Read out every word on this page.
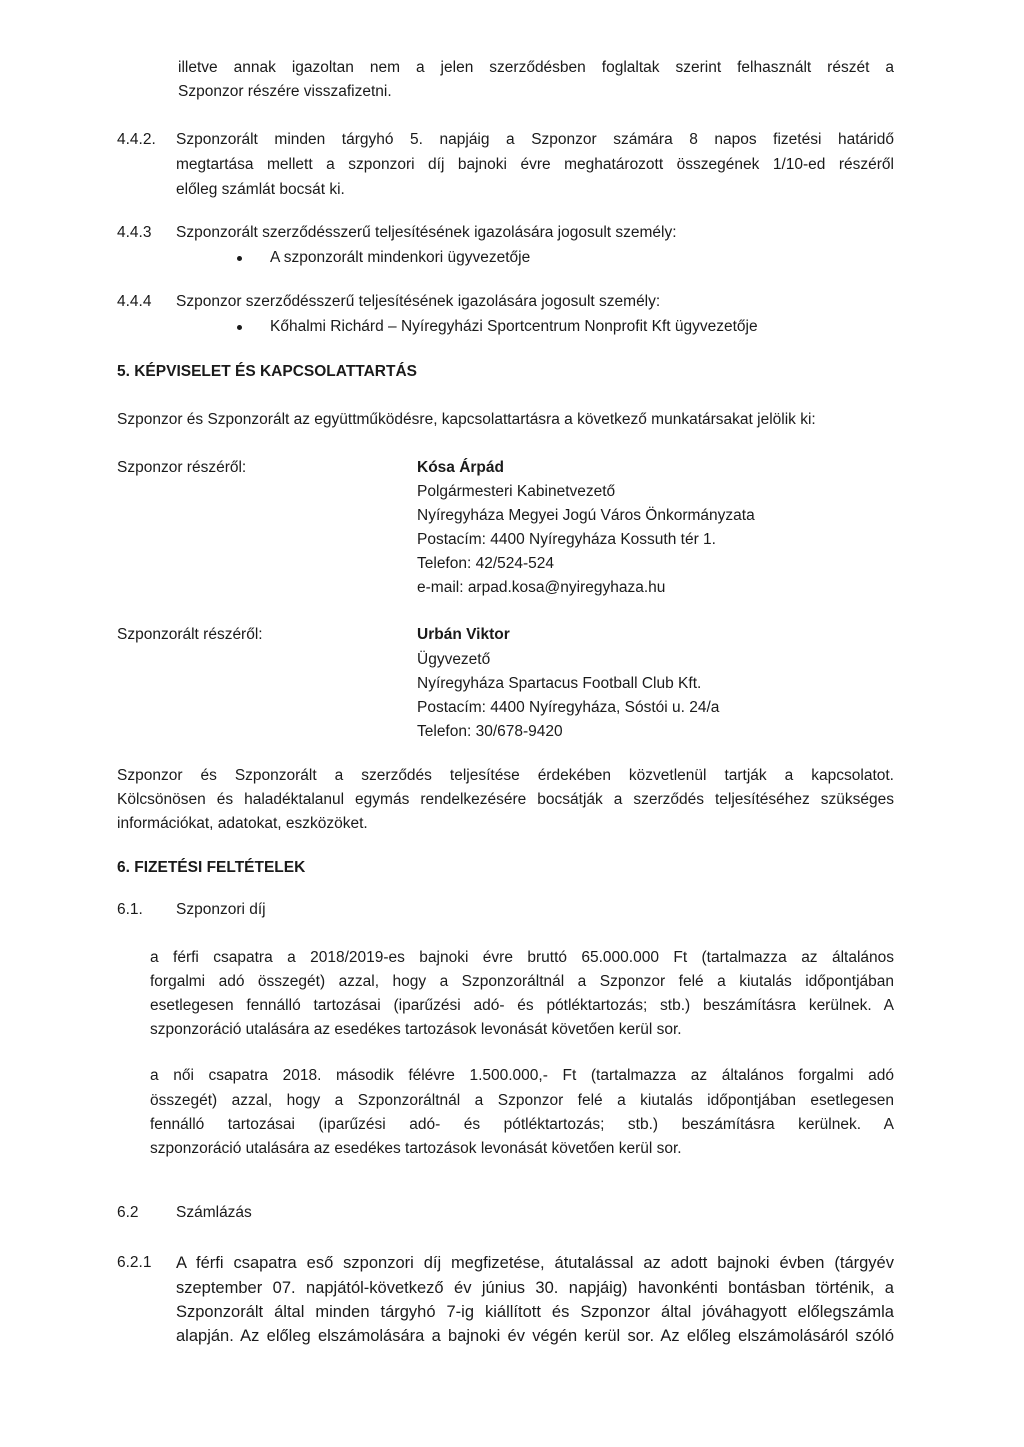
illetve annak igazoltan nem a jelen szerződésben foglaltak szerint felhasznált részét a
Szponzor részére visszafizetni.
4.4.2. Szponzorált minden tárgyhó 5. napjáig a Szponzor számára 8 napos fizetési határidő
megtartása mellett a szponzori díj bajnoki évre meghatározott összegének 1/10-ed részéről
előleg számlát bocsát ki.
4.4.3 Szponzorált szerződésszerű teljesítésének igazolására jogosult személy:
A szponzorált mindenkori ügyvezetője
4.4.4 Szponzor szerződésszerű teljesítésének igazolására jogosult személy:
Kőhalmi Richárd – Nyíregyházi Sportcentrum Nonprofit Kft ügyvezetője
5. KÉPVISELET ÉS KAPCSOLATTARTÁS
Szponzor és Szponzorált az együttműködésre, kapcsolattartásra a következő munkatársakat jelölik ki:
Szponzor részéről:	Kósa Árpád
Polgármesteri Kabinetvezető
Nyíregyháza Megyei Jogú Város Önkormányzata
Postacím: 4400 Nyíregyháza Kossuth tér 1.
Telefon: 42/524-524
e-mail: arpad.kosa@nyiregyhaza.hu
Szponzorált részéről:	Urbán Viktor
Ügyvezető
Nyíregyháza Spartacus Football Club Kft.
Postacím: 4400 Nyíregyháza, Sóstói u. 24/a
Telefon: 30/678-9420
Szponzor és Szponzorált a szerződés teljesítése érdekében közvetlenül tartják a kapcsolatot.
Kölcsönösen és haladéktalanul egymás rendelkezésére bocsátják a szerződés teljesítéséhez szükséges
információkat, adatokat, eszközöket.
6. FIZETÉSI FELTÉTELEK
6.1. Szponzori díj
a férfi csapatra a 2018/2019-es bajnoki évre bruttó 65.000.000 Ft (tartalmazza az általános
forgalmi adó összegét) azzal, hogy a Szponzoráltnál a Szponzor felé a kiutalás időpontjában
esetlegesen fennálló tartozásai (iparűzési adó- és pótléktartozás; stb.) beszámításra kerülnek. A
szponzoráció utalására az esedékes tartozások levonását követően kerül sor.
a női csapatra 2018. második félévre 1.500.000,- Ft (tartalmazza az általános forgalmi adó
összegét) azzal, hogy a Szponzoráltnál a Szponzor felé a kiutalás időpontjában esetlegesen
fennálló tartozásai (iparűzési adó- és pótléktartozás; stb.) beszámításra kerülnek. A
szponzoráció utalására az esedékes tartozások levonását követően kerül sor.
6.2 Számlázás
6.2.1 A férfi csapatra eső szponzori díj megfizetése, átutalással az adott bajnoki évben (tárgyév
szeptember 07. napjától-következő év június 30. napjáig) havonkénti bontásban történik, a
Szponzorált által minden tárgyhó 7-ig kiállított és Szponzor által jóváhagyott előlegszámla
alapján. Az előleg elszámolására a bajnoki év végén kerül sor. Az előleg elszámolásáról szóló
